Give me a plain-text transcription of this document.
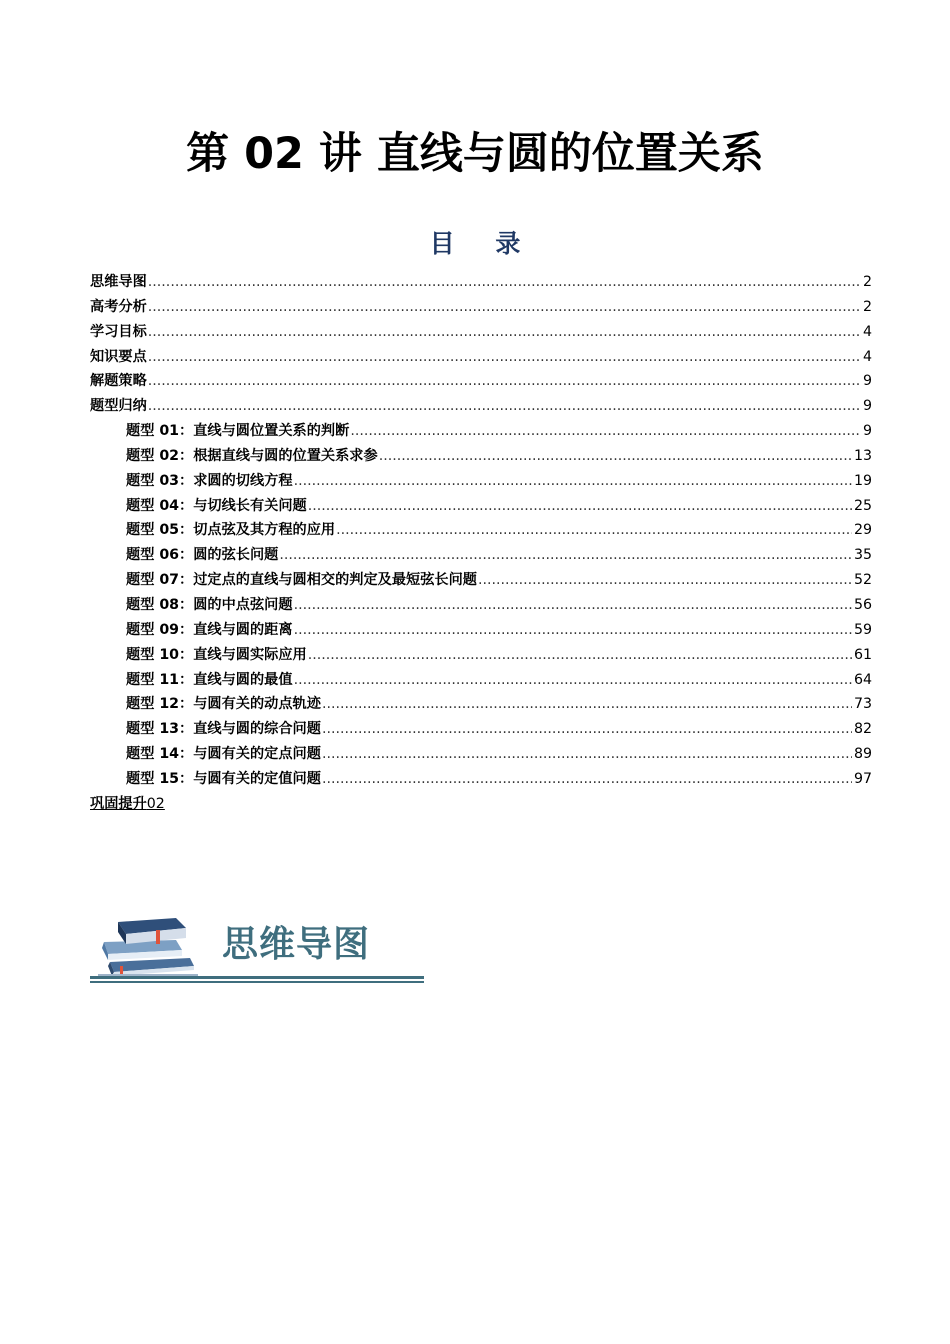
第 02 讲 直线与圆的位置关系
目 录
思维导图 .....	2
高考分析 .....	2
学习目标 .....	4
知识要点 .....	4
解题策略 .....	9
题型归纳 .....	9
题型 01：直线与圆位置关系的判断 .....	9
题型 02：根据直线与圆的位置关系求参 .....	13
题型 03：求圆的切线方程 .....	19
题型 04：与切线长有关问题 .....	25
题型 05：切点弦及其方程的应用 .....	29
题型 06：圆的弦长问题 .....	35
题型 07：过定点的直线与圆相交的判定及最短弦长问题 .....	52
题型 08：圆的中点弦问题 .....	56
题型 09：直线与圆的距离 .....	59
题型 10：直线与圆实际应用 .....	61
题型 11：直线与圆的最值 .....	64
题型 12：与圆有关的动点轨迹 .....	73
题型 13：直线与圆的综合问题 .....	82
题型 14：与圆有关的定点问题 .....	89
题型 15：与圆有关的定值问题 .....	97
巩固提升 02
思维导图
